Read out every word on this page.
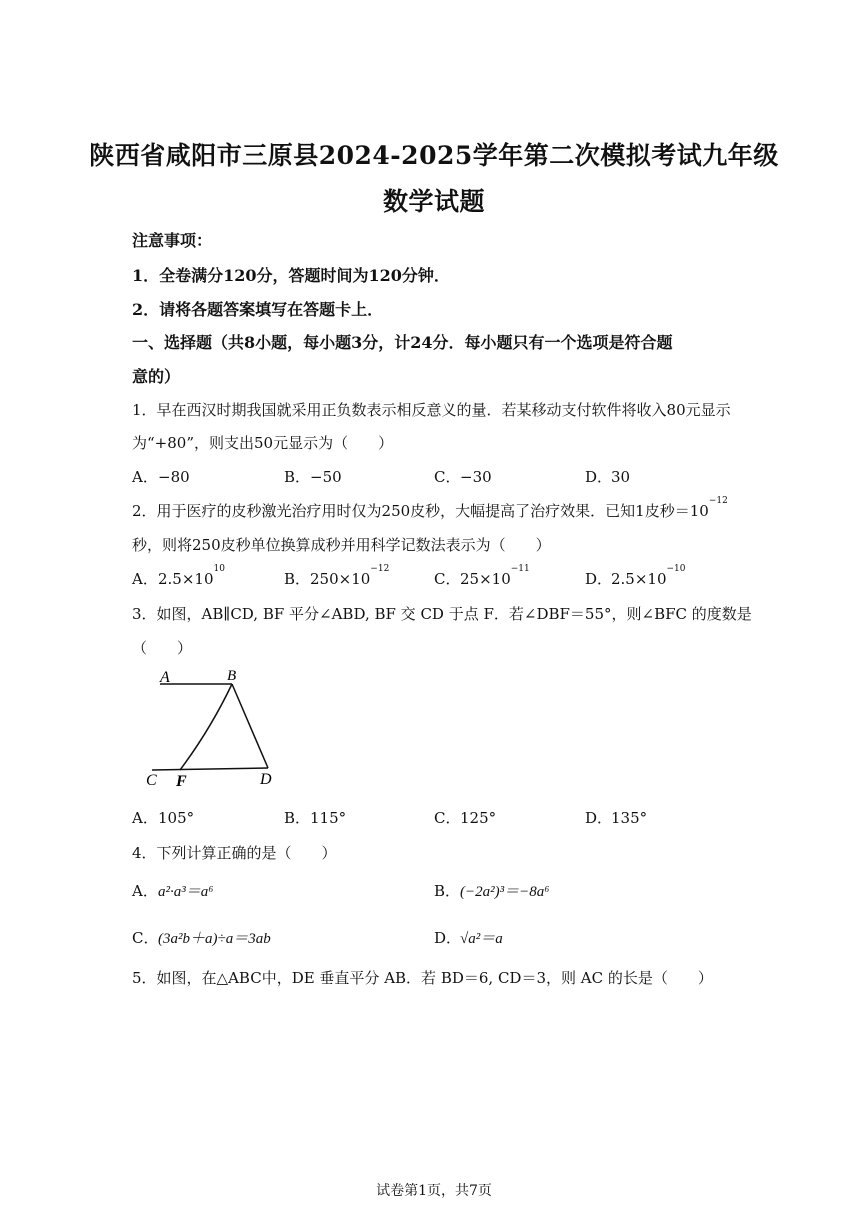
陕西省咸阳市三原县2024-2025学年第二次模拟考试九年级
数学试题
注意事项：
1．全卷满分120分，答题时间为120分钟．
2．请将各题答案填写在答题卡上．
一、选择题（共8小题，每小题3分，计24分．每小题只有一个选项是符合题
意的）
1．早在西汉时期我国就采用正负数表示相反意义的量．若某移动支付软件将收入80元显示
为“+80”，则支出50元显示为（　　）
A．−80	B．−50	C．−30	D．30
2．用于医疗的皮秒激光治疗用时仅为250皮秒，大幅提高了治疗效果．已知1皮秒$=10^{-12}$
秒，则将250皮秒单位换算成秒并用科学记数法表示为（　　）
A．$2.5\times 10^{10}$
B．$250\times 10^{-12}$
C．$25\times 10^{-11}$
D．$2.5\times 10^{-10}$
3．如图，AB∥CD, BF 平分∠ABD, BF 交 CD 于点 F．若∠DBF＝55°，则∠BFC 的度数是
（　　）
A	B
C F	D
A．105°	B．115°	C．125°	D．135°
4．下列计算正确的是（　　）
A．a²·a³＝a⁶	B．(−2a²)³＝−8a⁶
C．(3a²b＋a)÷a＝3ab	D．√a²＝a
5．如图，在△ABC中，DE 垂直平分 AB．若 BD＝6, CD＝3，则 AC 的长是（　　）
试卷第1页，共7页
